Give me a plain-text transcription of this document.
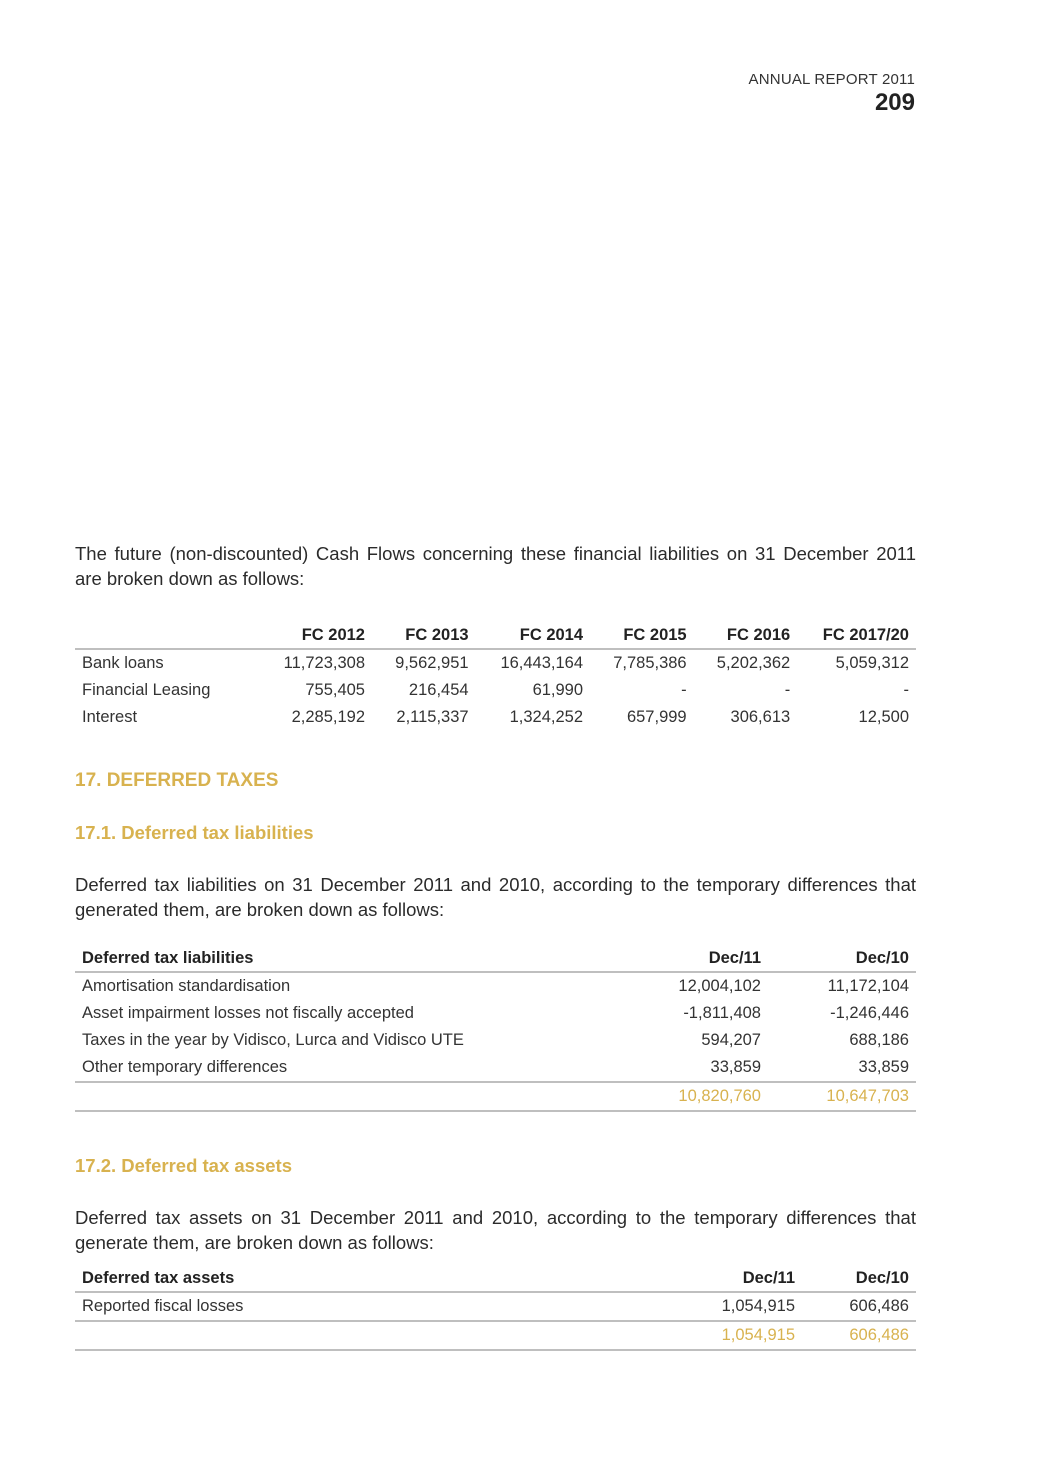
ANNUAL REPORT 2011
209
The future (non-discounted) Cash Flows concerning these financial liabilities on 31 December 2011 are broken down as follows:
	FC 2012	FC 2013	FC 2014	FC 2015	FC 2016	FC 2017/20
Bank loans	11,723,308	9,562,951	16,443,164	7,785,386	5,202,362	5,059,312
Financial Leasing	755,405	216,454	61,990	-	-	-
Interest	2,285,192	2,115,337	1,324,252	657,999	306,613	12,500
17. DEFERRED TAXES
17.1. Deferred tax liabilities
Deferred tax liabilities on 31 December 2011 and 2010, according to the temporary differences that generated them, are broken down as follows:
Deferred tax liabilities	Dec/11	Dec/10
Amortisation standardisation	12,004,102	11,172,104
Asset impairment losses not fiscally accepted	-1,811,408	-1,246,446
Taxes in the year by Vidisco, Lurca and Vidisco UTE	594,207	688,186
Other temporary differences	33,859	33,859
	10,820,760	10,647,703
17.2. Deferred tax assets
Deferred tax assets on 31 December 2011 and 2010, according to the temporary differences that generate them, are broken down as follows:
Deferred tax assets	Dec/11	Dec/10
Reported fiscal losses	1,054,915	606,486
	1,054,915	606,486
